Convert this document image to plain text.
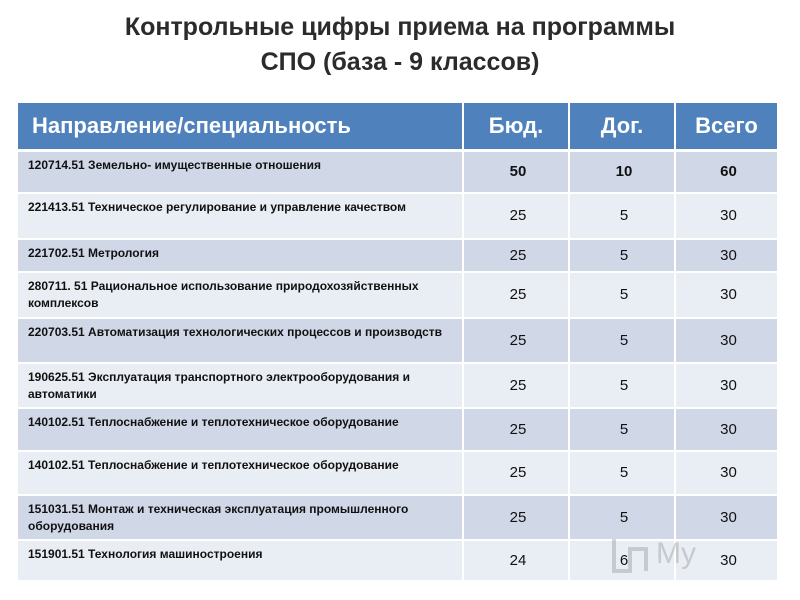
Контрольные цифры приема на программы
СПО (база - 9 классов)
Направление/специальность	Бюд.	Дог.	Всего
120714.51 Земельно- имущественные отношения	50	10	60
221413.51 Техническое регулирование и управление качеством	25	5	30
221702.51 Метрология	25	5	30
280711. 51 Рациональное использование природохозяйственных комплексов	25	5	30
220703.51 Автоматизация технологических процессов и производств	25	5	30
190625.51 Эксплуатация транспортного электрооборудования и автоматики	25	5	30
140102.51 Теплоснабжение и теплотехническое оборудование	25	5	30
140102.51 Теплоснабжение и теплотехническое оборудование	25	5	30
151031.51 Монтаж и техническая эксплуатация промышленного оборудования	25	5	30
151901.51 Технология машиностроения	24	6	30
My
